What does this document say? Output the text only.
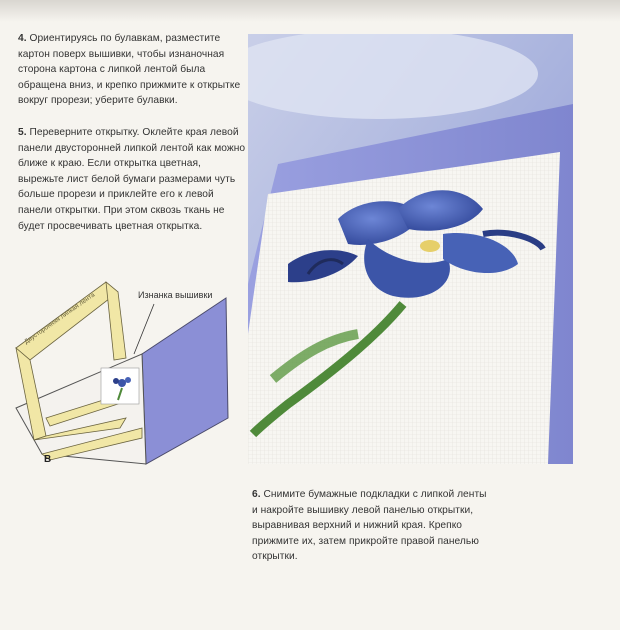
4. Ориентируясь по булавкам, разместите картон поверх вышивки, чтобы изнаночная сторона картона с липкой лентой была обращена вниз, и крепко прижмите к открытке вокруг прорези; уберите булавки.
5. Переверните открытку. Оклейте края левой панели двусторонней липкой лентой как можно ближе к краю. Если открытка цветная, вырежьте лист белой бумаги размерами чуть больше прорези и приклейте его к левой панели открытки. При этом сквозь ткань не будет просвечивать цветная открытка.
Двусторонняя липкая лента	Изнанка вышивки
B
6. Снимите бумажные подкладки с липкой ленты и накройте вышивку левой панелью открытки, выравнивая верхний и нижний края. Крепко прижмите их, затем прикройте правой панелью открытки.
